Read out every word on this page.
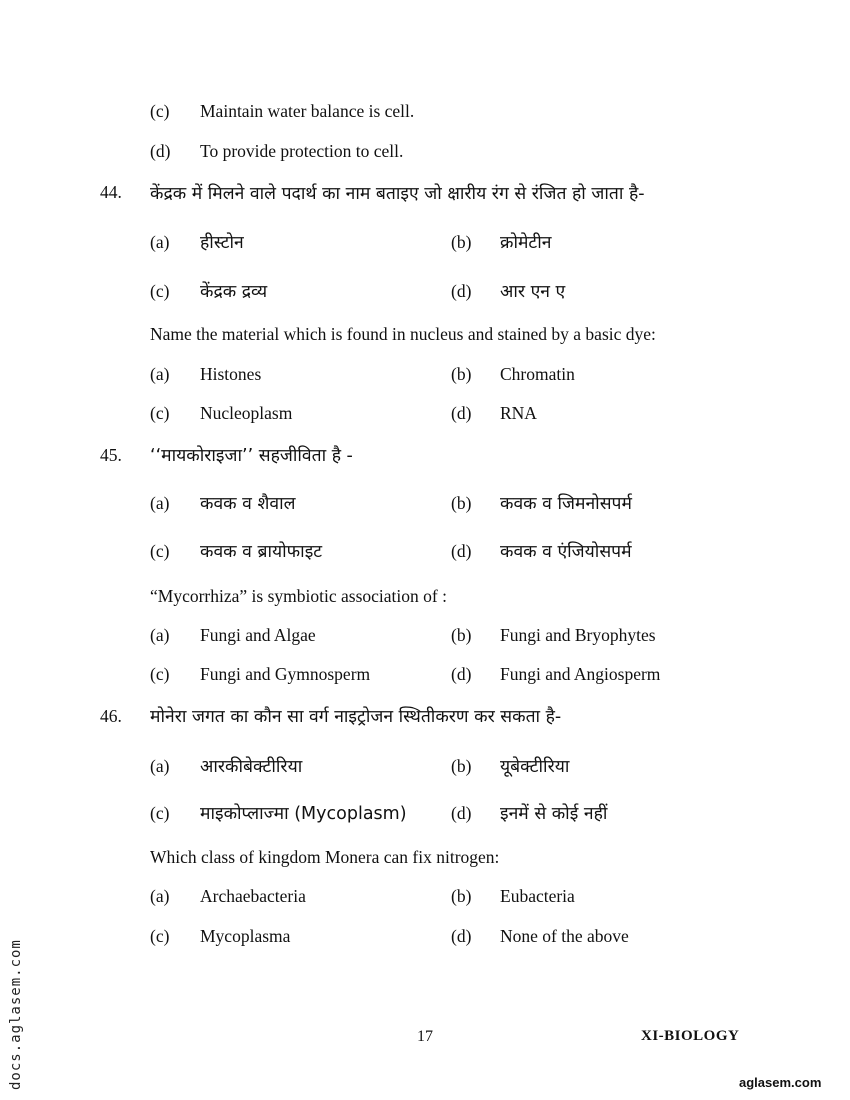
(c) Maintain water balance is cell.
(d) To provide protection to cell.
44. केंद्रक में मिलने वाले पदार्थ का नाम बताइए जो क्षारीय रंग से रंजित हो जाता है-
(a) हीस्टोन	(b) क्रोमेटीन
(c) केंद्रक द्रव्य	(d) आर एन ए
Name the material which is found in nucleus and stained by a basic dye:
(a) Histones	(b) Chromatin
(c) Nucleoplasm	(d) RNA
45. ‘‘मायकोराइजा’’ सहजीविता है -
(a) कवक व शैवाल	(b) कवक व जिमनोसपर्म
(c) कवक व ब्रायोफाइट	(d) कवक व एंजियोसपर्म
“Mycorrhiza” is symbiotic association of :
(a) Fungi and Algae	(b) Fungi and Bryophytes
(c) Fungi and Gymnosperm	(d) Fungi and Angiosperm
46. मोनेरा जगत का कौन सा वर्ग नाइट्रोजन स्थितीकरण कर सकता है-
(a) आरकीबेक्टीरिया	(b) यूबेक्टीरिया
(c) माइकोप्लाज्मा (Mycoplasm)	(d) इनमें से कोई नहीं
Which class of kingdom Monera can fix nitrogen:
(a) Archaebacteria	(b) Eubacteria
(c) Mycoplasma	(d) None of the above
17	XI-BIOLOGY
docs.aglasem.com	aglasem.com
